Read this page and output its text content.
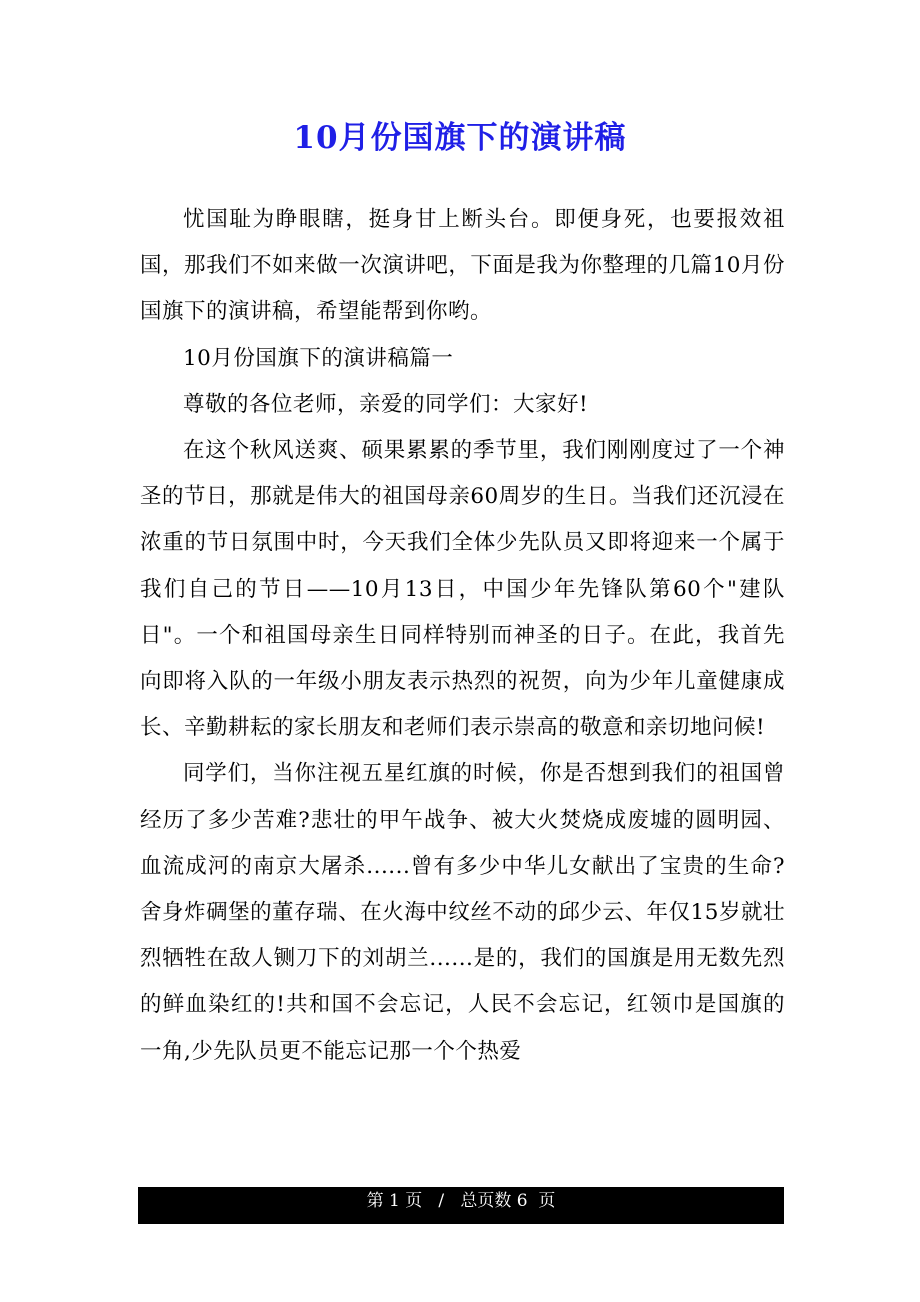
10月份国旗下的演讲稿

忧国耻为睁眼瞎，挺身甘上断头台。即便身死，也要报效祖国，那我们不如来做一次演讲吧，下面是我为你整理的几篇10月份国旗下的演讲稿，希望能帮到你哟。

10月份国旗下的演讲稿篇一

尊敬的各位老师，亲爱的同学们：大家好!

在这个秋风送爽、硕果累累的季节里，我们刚刚度过了一个神圣的节日，那就是伟大的祖国母亲60周岁的生日。当我们还沉浸在浓重的节日氛围中时，今天我们全体少先队员又即将迎来一个属于我们自己的节日——10月13日，中国少年先锋队第60个"建队日"。一个和祖国母亲生日同样特别而神圣的日子。在此，我首先向即将入队的一年级小朋友表示热烈的祝贺，向为少年儿童健康成长、辛勤耕耘的家长朋友和老师们表示崇高的敬意和亲切地问候!

同学们，当你注视五星红旗的时候，你是否想到我们的祖国曾经历了多少苦难?悲壮的甲午战争、被大火焚烧成废墟的圆明园、血流成河的南京大屠杀......曾有多少中华儿女献出了宝贵的生命?舍身炸碉堡的董存瑞、在火海中纹丝不动的邱少云、年仅15岁就壮烈牺牲在敌人铡刀下的刘胡兰......是的，我们的国旗是用无数先烈的鲜血染红的!共和国不会忘记，人民不会忘记，红领巾是国旗的一角,少先队员更不能忘记那一个个热爱

第 1 页   /   总页数 6  页
